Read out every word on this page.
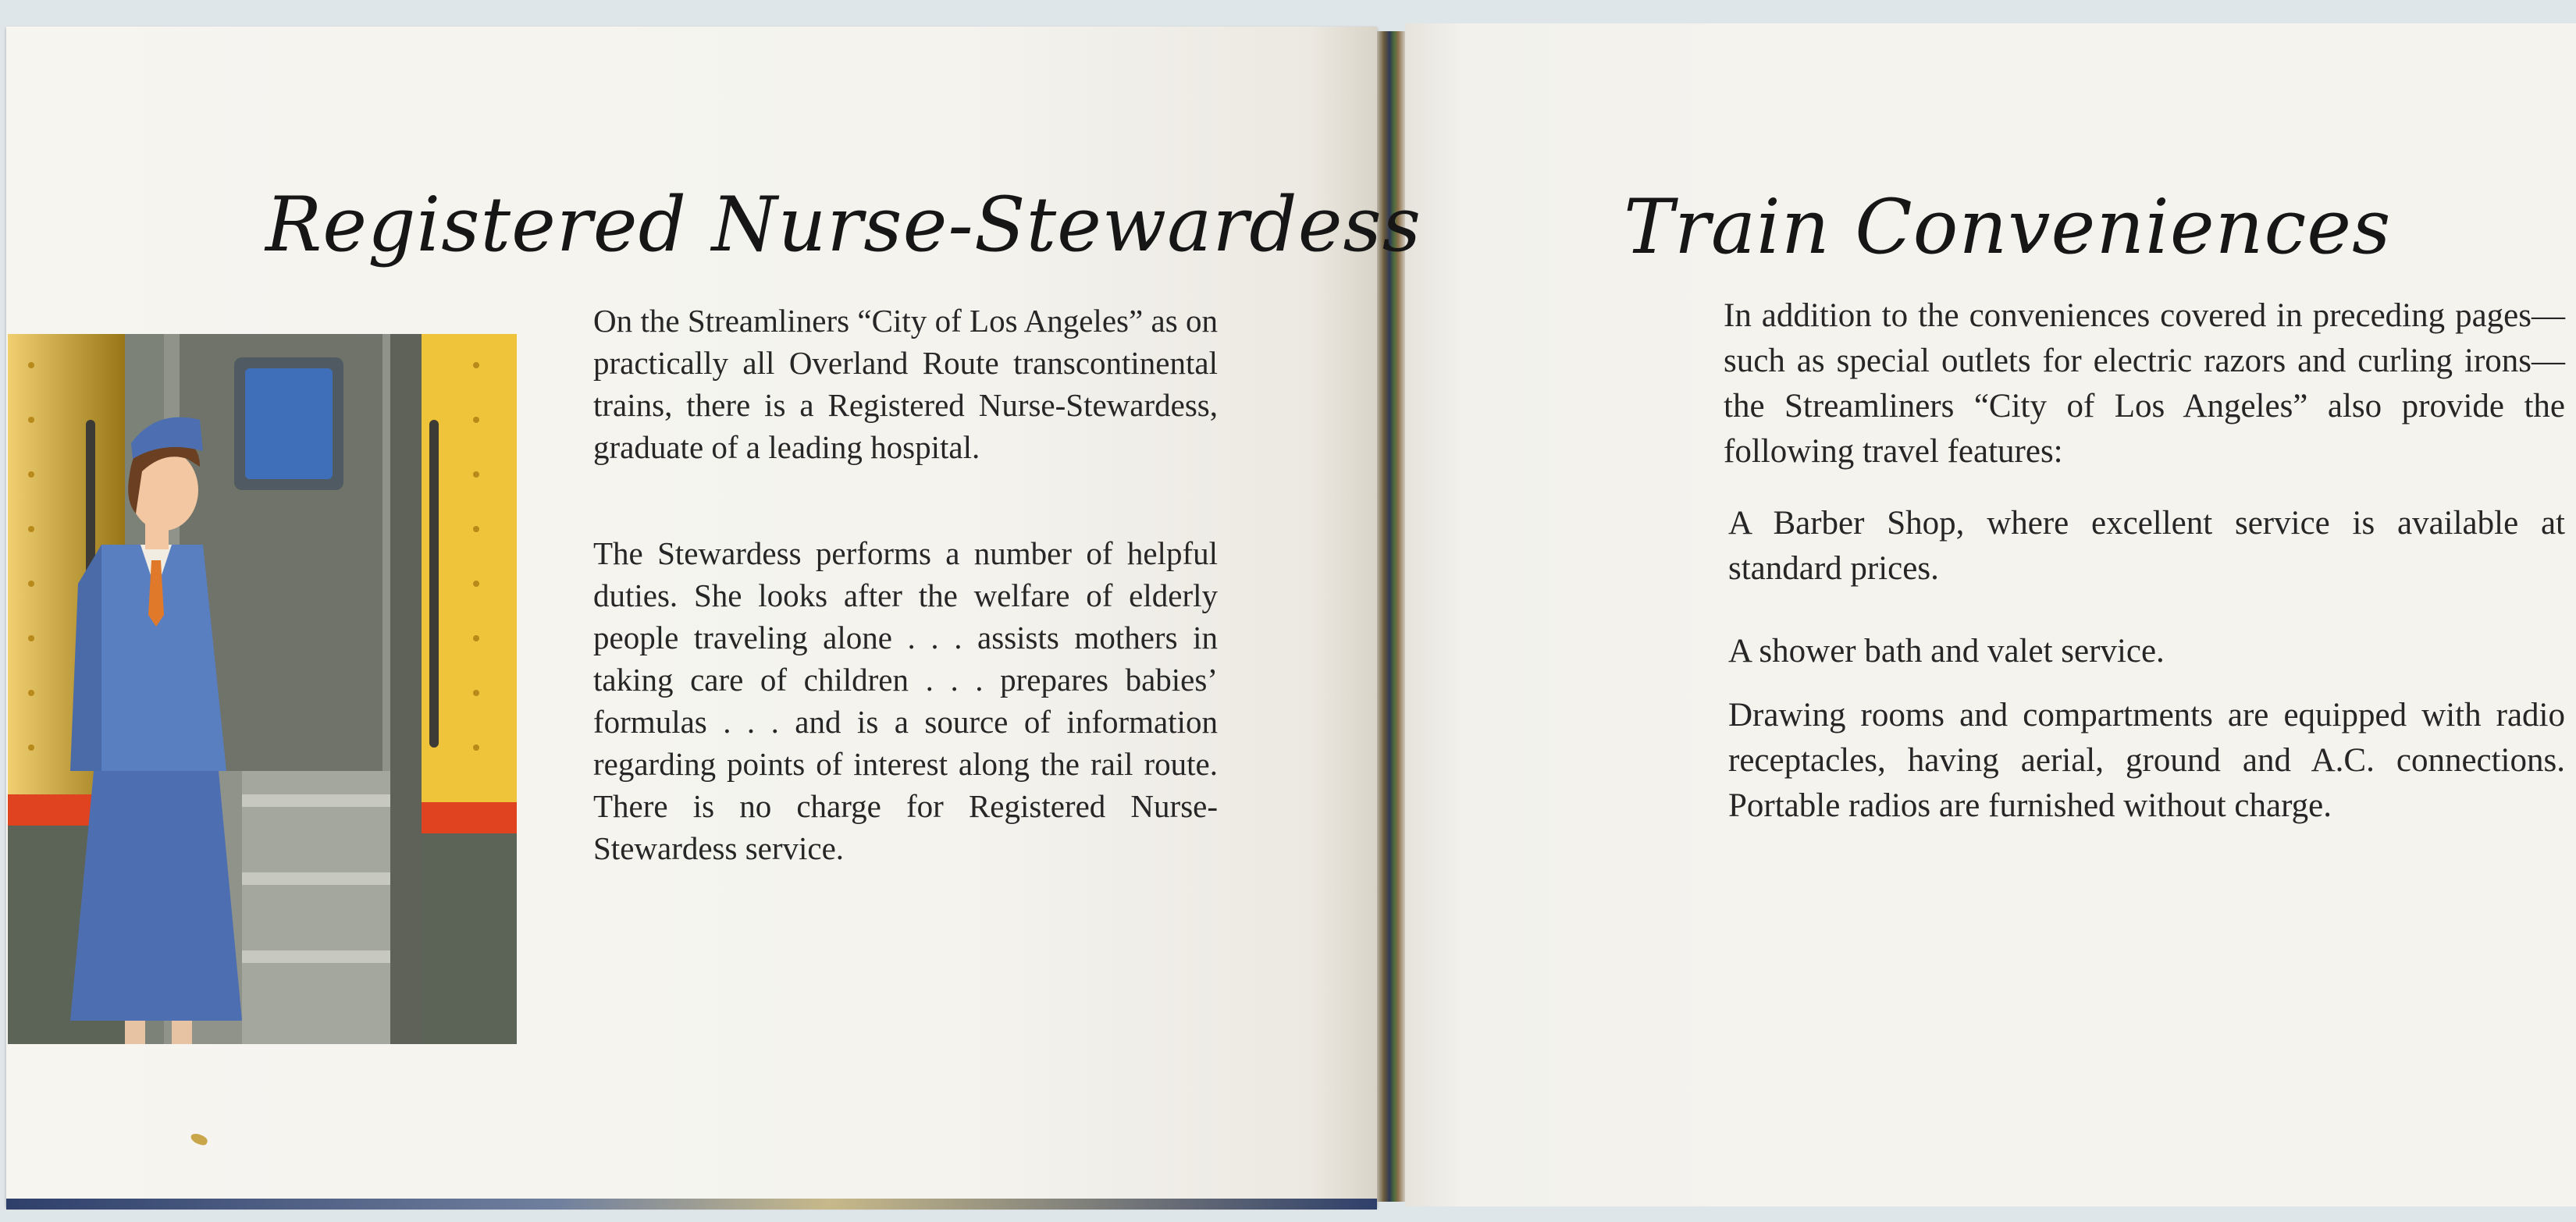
Registered Nurse-Stewardess

On the Streamliners “City of Los Angeles” as on practically all Overland Route transcontinental trains, there is a Registered Nurse-Stewardess, graduate of a leading hospital.

The Stewardess performs a number of helpful duties. She looks after the welfare of elderly people traveling alone . . . assists mothers in taking care of children . . . prepares babies’ formulas . . . and is a source of information regarding points of interest along the rail route. There is no charge for Registered Nurse-Stewardess service.

Train Conveniences

In addition to the conveniences covered in preceding pages—such as special outlets for electric razors and curling irons—the Streamliners “City of Los Angeles” also provide the following travel features:

A Barber Shop, where excellent service is available at standard prices.

A shower bath and valet service.

Drawing rooms and compartments are equipped with radio receptacles, having aerial, ground and A.C. connections. Portable radios are furnished without charge.
